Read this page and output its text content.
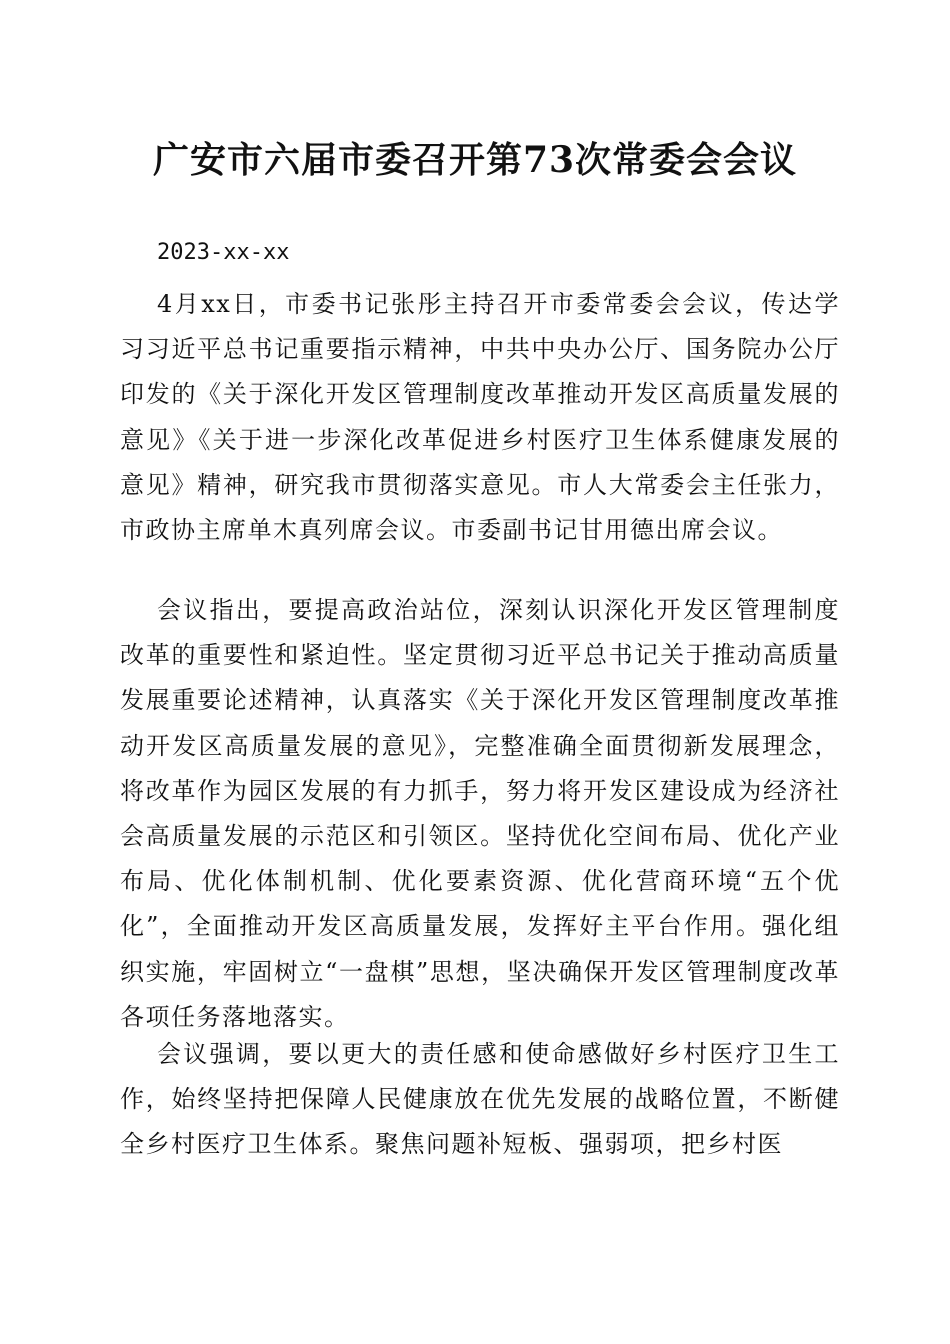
广安市六届市委召开第73次常委会会议
2023-xx-xx

4月xx日，市委书记张彤主持召开市委常委会会议，传达学习习近平总书记重要指示精神，中共中央办公厅、国务院办公厅印发的《关于深化开发区管理制度改革推动开发区高质量发展的意见》《关于进一步深化改革促进乡村医疗卫生体系健康发展的意见》精神，研究我市贯彻落实意见。市人大常委会主任张力，市政协主席单木真列席会议。市委副书记甘用德出席会议。

会议指出，要提高政治站位，深刻认识深化开发区管理制度改革的重要性和紧迫性。坚定贯彻习近平总书记关于推动高质量发展重要论述精神，认真落实《关于深化开发区管理制度改革推动开发区高质量发展的意见》，完整准确全面贯彻新发展理念，将改革作为园区发展的有力抓手，努力将开发区建设成为经济社会高质量发展的示范区和引领区。坚持优化空间布局、优化产业布局、优化体制机制、优化要素资源、优化营商环境“五个优化”，全面推动开发区高质量发展，发挥好主平台作用。强化组织实施，牢固树立“一盘棋”思想，坚决确保开发区管理制度改革各项任务落地落实。

会议强调，要以更大的责任感和使命感做好乡村医疗卫生工作，始终坚持把保障人民健康放在优先发展的战略位置，不断健全乡村医疗卫生体系。聚焦问题补短板、强弱项，把乡村医
